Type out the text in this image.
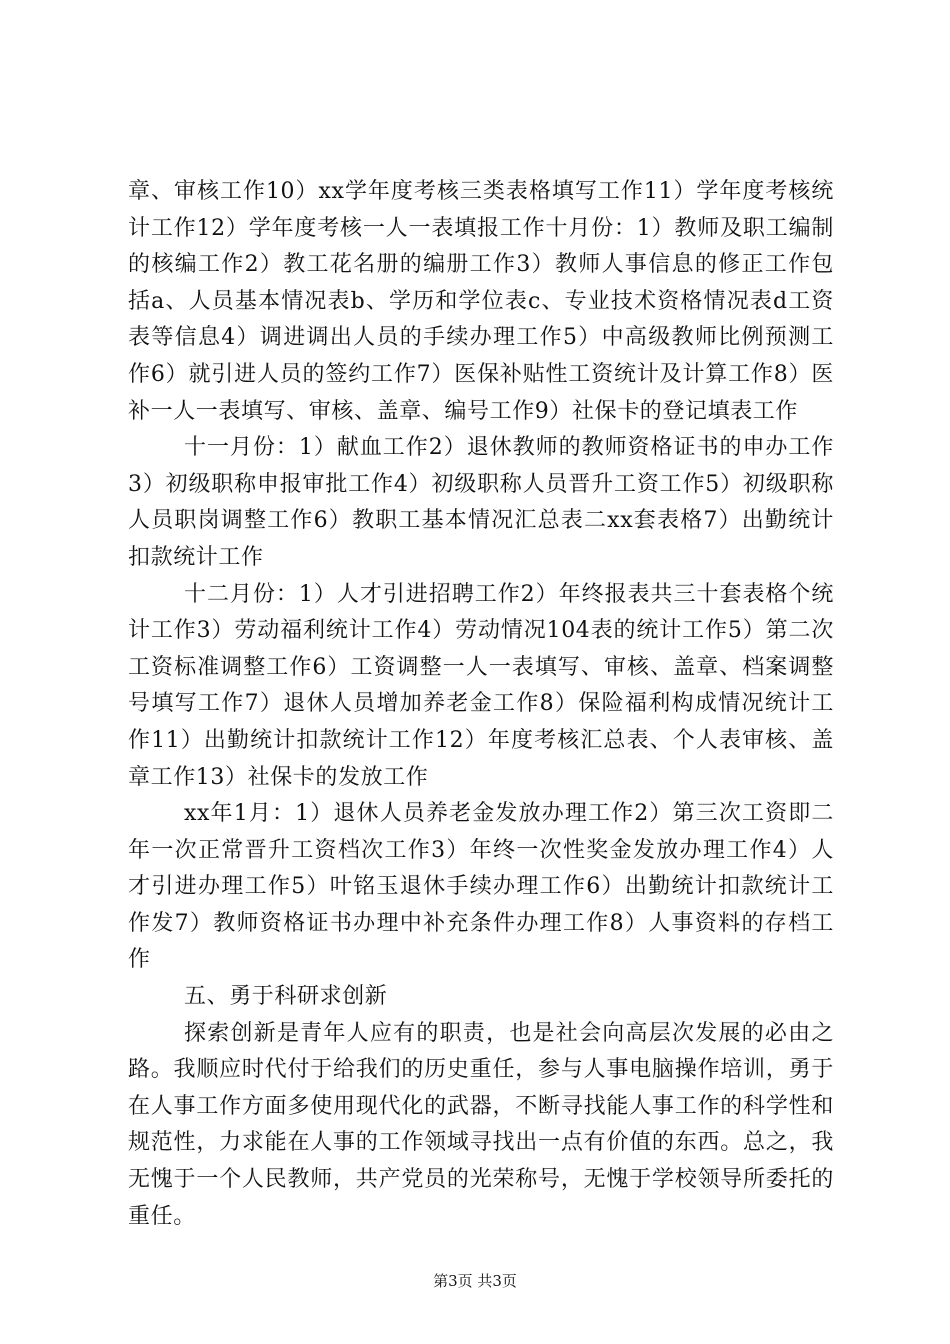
章、审核工作10）xx学年度考核三类表格填写工作11）学年度考核统计工作12）学年度考核一人一表填报工作十月份：1）教师及职工编制的核编工作2）教工花名册的编册工作3）教师人事信息的修正工作包括a、人员基本情况表b、学历和学位表c、专业技术资格情况表d工资表等信息4）调进调出人员的手续办理工作5）中高级教师比例预测工作6）就引进人员的签约工作7）医保补贴性工资统计及计算工作8）医补一人一表填写、审核、盖章、编号工作9）社保卡的登记填表工作

十一月份：1）献血工作2）退休教师的教师资格证书的申办工作3）初级职称申报审批工作4）初级职称人员晋升工资工作5）初级职称人员职岗调整工作6）教职工基本情况汇总表二xx套表格7）出勤统计扣款统计工作

十二月份：1）人才引进招聘工作2）年终报表共三十套表格个统计工作3）劳动福利统计工作4）劳动情况104表的统计工作5）第二次工资标准调整工作6）工资调整一人一表填写、审核、盖章、档案调整号填写工作7）退休人员增加养老金工作8）保险福利构成情况统计工作11）出勤统计扣款统计工作12）年度考核汇总表、个人表审核、盖章工作13）社保卡的发放工作

xx年1月：1）退休人员养老金发放办理工作2）第三次工资即二年一次正常晋升工资档次工作3）年终一次性奖金发放办理工作4）人才引进办理工作5）叶铭玉退休手续办理工作6）出勤统计扣款统计工作发7）教师资格证书办理中补充条件办理工作8）人事资料的存档工作

五、勇于科研求创新

探索创新是青年人应有的职责，也是社会向高层次发展的必由之路。我顺应时代付于给我们的历史重任，参与人事电脑操作培训，勇于在人事工作方面多使用现代化的武器，不断寻找能人事工作的科学性和规范性，力求能在人事的工作领域寻找出一点有价值的东西。总之，我无愧于一个人民教师，共产党员的光荣称号，无愧于学校领导所委托的重任。

第3页 共3页
